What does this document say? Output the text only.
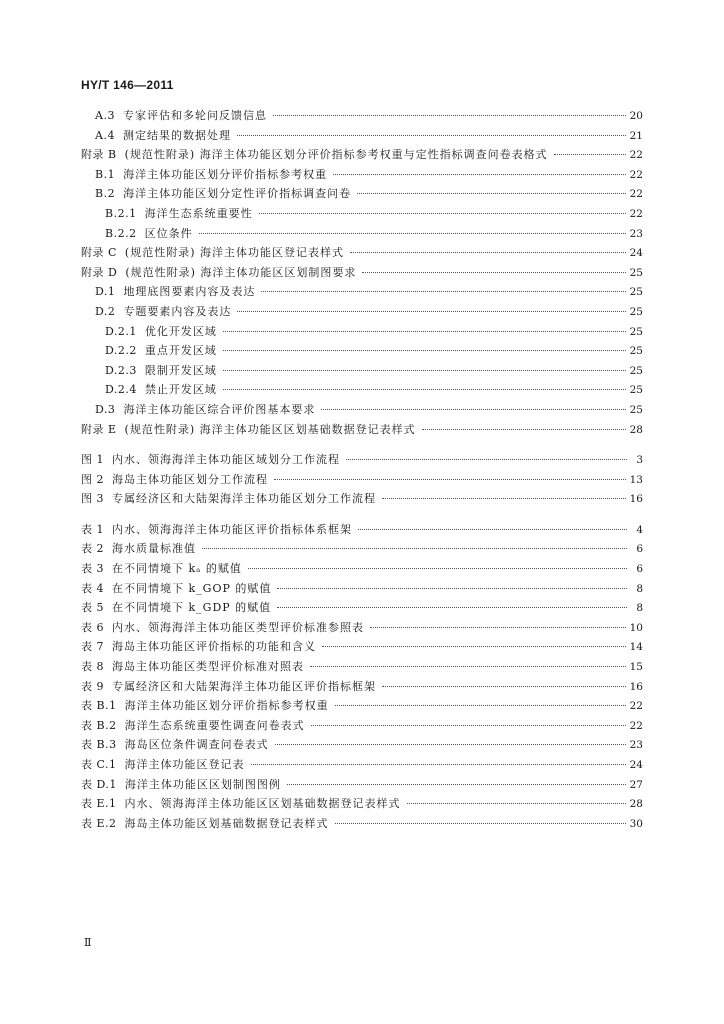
HY/T 146—2011
A.3 专家评估和多轮问反馈信息	20
A.4 测定结果的数据处理	21
附录 B (规范性附录) 海洋主体功能区划分评价指标参考权重与定性指标调查问卷表格式	22
B.1 海洋主体功能区划分评价指标参考权重	22
B.2 海洋主体功能区划分定性评价指标调查问卷	22
B.2.1 海洋生态系统重要性	22
B.2.2 区位条件	23
附录 C (规范性附录) 海洋主体功能区登记表样式	24
附录 D (规范性附录) 海洋主体功能区区划制图要求	25
D.1 地理底图要素内容及表达	25
D.2 专题要素内容及表达	25
D.2.1 优化开发区域	25
D.2.2 重点开发区域	25
D.2.3 限制开发区域	25
D.2.4 禁止开发区域	25
D.3 海洋主体功能区综合评价图基本要求	25
附录 E (规范性附录) 海洋主体功能区区划基础数据登记表样式	28
图 1 内水、领海海洋主体功能区域划分工作流程	3
图 2 海岛主体功能区划分工作流程	13
图 3 专属经济区和大陆架海洋主体功能区划分工作流程	16
表 1 内水、领海海洋主体功能区评价指标体系框架	4
表 2 海水质量标准值	6
表 3 在不同情境下 kₐ 的赋值	6
表 4 在不同情境下 k_GOP 的赋值	8
表 5 在不同情境下 k_GDP 的赋值	8
表 6 内水、领海海洋主体功能区类型评价标准参照表	10
表 7 海岛主体功能区评价指标的功能和含义	14
表 8 海岛主体功能区类型评价标准对照表	15
表 9 专属经济区和大陆架海洋主体功能区评价指标框架	16
表 B.1 海洋主体功能区划分评价指标参考权重	22
表 B.2 海洋生态系统重要性调查问卷表式	22
表 B.3 海岛区位条件调查问卷表式	23
表 C.1 海洋主体功能区登记表	24
表 D.1 海洋主体功能区区划制图图例	27
表 E.1 内水、领海海洋主体功能区区划基础数据登记表样式	28
表 E.2 海岛主体功能区划基础数据登记表样式	30
Ⅱ
